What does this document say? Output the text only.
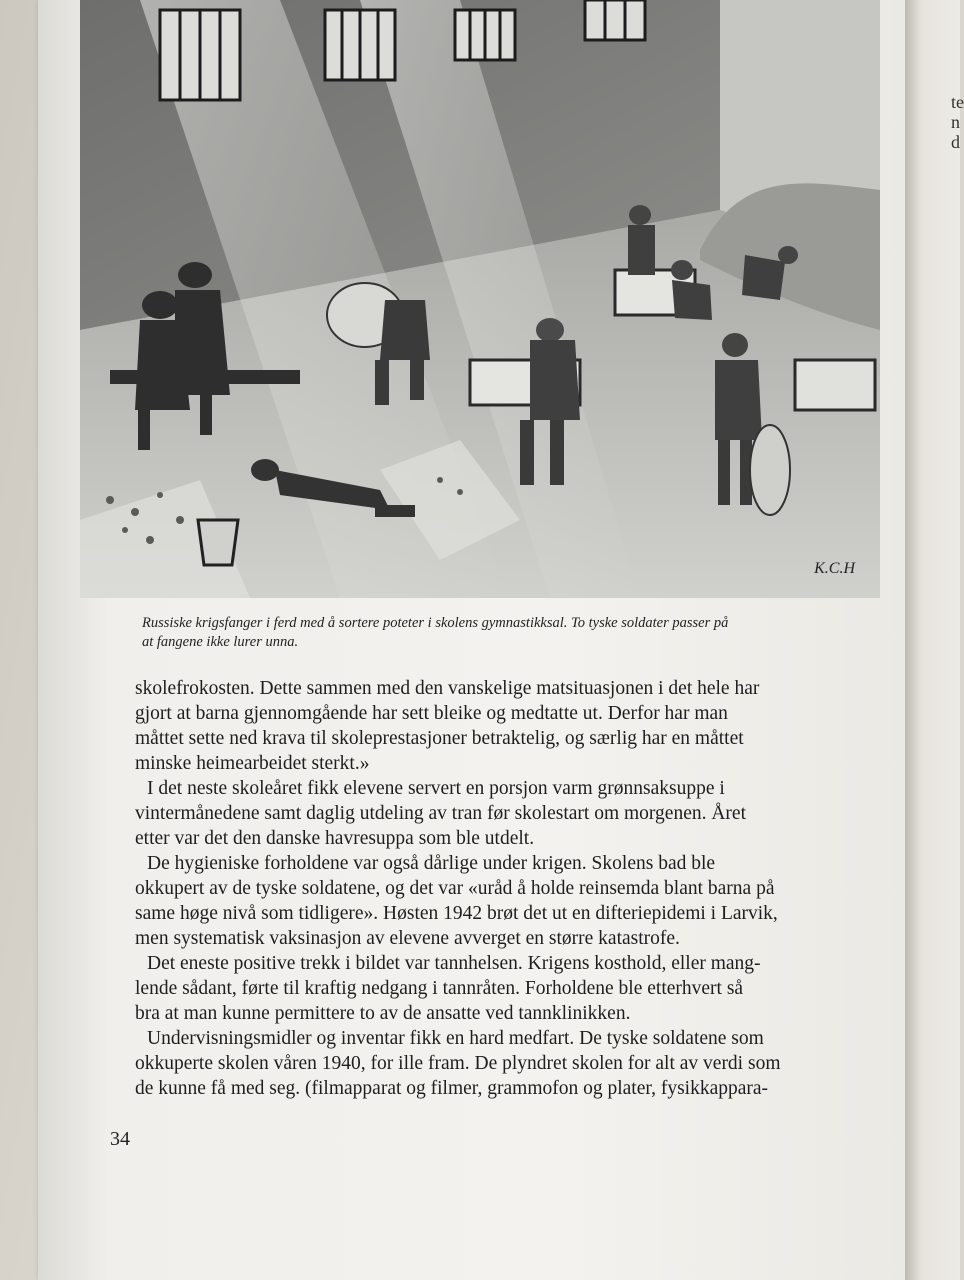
te
n
d
K.C.H
Russiske krigsfanger i ferd med å sortere poteter i skolens gymnastikksal. To tyske soldater passer på
at fangene ikke lurer unna.
skolefrokosten. Dette sammen med den vanskelige matsituasjonen i det hele har
gjort at barna gjennomgående har sett bleike og medtatte ut. Derfor har man
måttet sette ned krava til skoleprestasjoner betraktelig, og særlig har en måttet
minske heimearbeidet sterkt.»
I det neste skoleåret fikk elevene servert en porsjon varm grønnsaksuppe i
vintermånedene samt daglig utdeling av tran før skolestart om morgenen. Året
etter var det den danske havresuppa som ble utdelt.
De hygieniske forholdene var også dårlige under krigen. Skolens bad ble
okkupert av de tyske soldatene, og det var «uråd å holde reinsemda blant barna på
same høge nivå som tidligere». Høsten 1942 brøt det ut en difteriepidemi i Larvik,
men systematisk vaksinasjon av elevene avverget en større katastrofe.
Det eneste positive trekk i bildet var tannhelsen. Krigens kosthold, eller mang-
lende sådant, førte til kraftig nedgang i tannråten. Forholdene ble etterhvert så
bra at man kunne permittere to av de ansatte ved tannklinikken.
Undervisningsmidler og inventar fikk en hard medfart. De tyske soldatene som
okkuperte skolen våren 1940, for ille fram. De plyndret skolen for alt av verdi som
de kunne få med seg. (filmapparat og filmer, grammofon og plater, fysikkappara-
34
